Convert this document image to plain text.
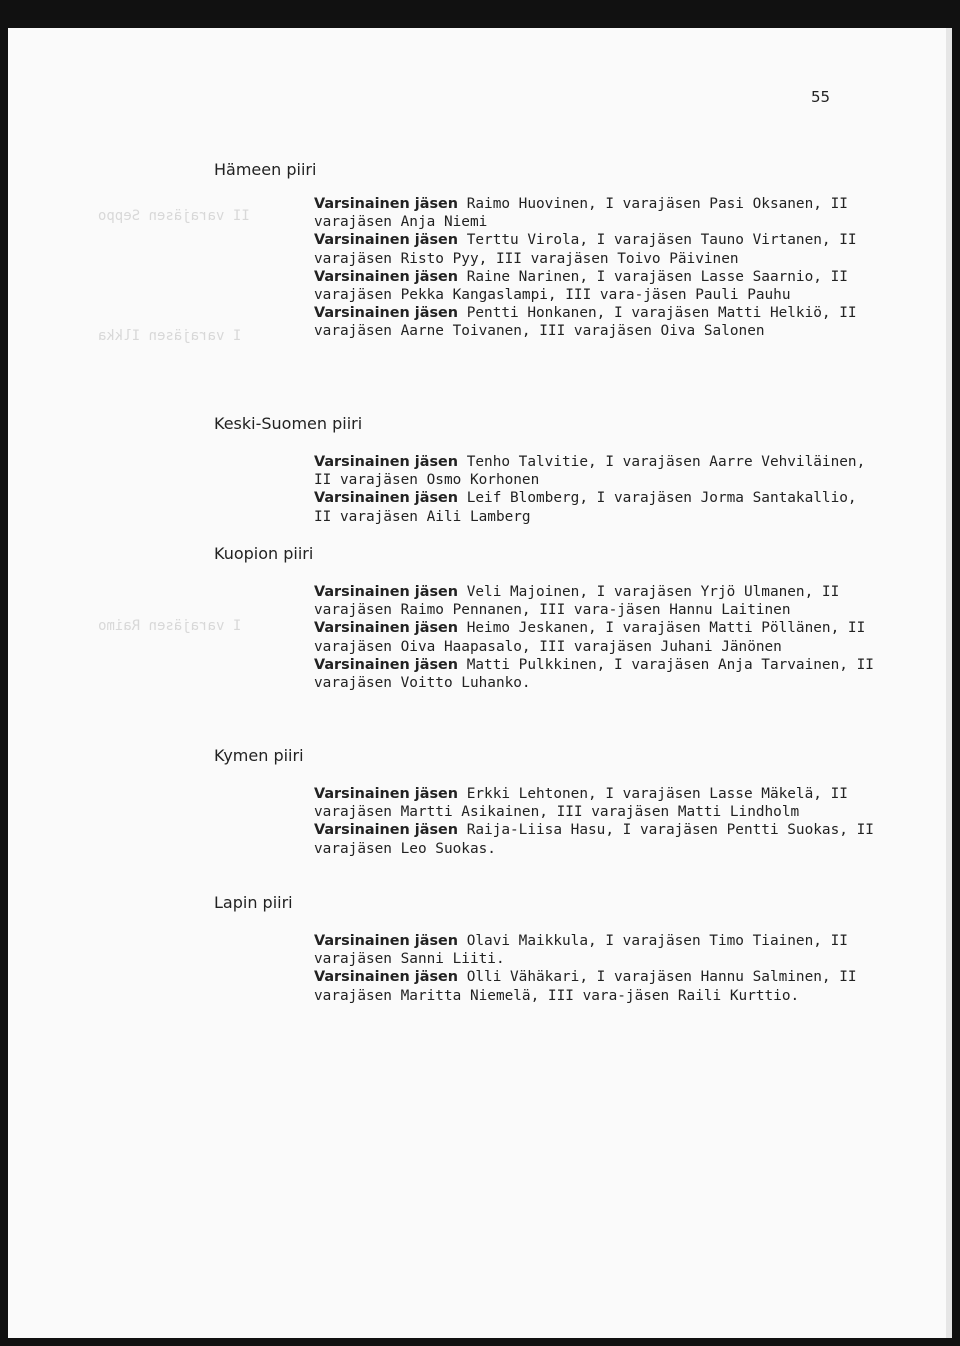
II varajäsen Seppo
I varajäsen Ilkka
I varajäsen Raimo
55
Hämeen piiri

Varsinainen jäsen Raimo Huovinen, I varajäsen Pasi Oksanen, II varajäsen Anja Niemi

Varsinainen jäsen Terttu Virola, I varajäsen Tauno Virtanen, II varajäsen Risto Pyy, III varajäsen Toivo Päivinen

Varsinainen jäsen Raine Narinen, I varajäsen Lasse Saarnio, II varajäsen Pekka Kangaslampi, III vara-jäsen Pauli Pauhu

Varsinainen jäsen Pentti Honkanen, I varajäsen Matti Helkiö, II varajäsen Aarne Toivanen, III varajäsen Oiva Salonen

Keski-Suomen piiri

Varsinainen jäsen Tenho Talvitie, I varajäsen Aarre Vehviläinen, II varajäsen Osmo Korhonen

Varsinainen jäsen Leif Blomberg, I varajäsen Jorma Santakallio, II varajäsen Aili Lamberg

Kuopion piiri

Varsinainen jäsen Veli Majoinen, I varajäsen Yrjö Ulmanen, II varajäsen Raimo Pennanen, III vara-jäsen Hannu Laitinen

Varsinainen jäsen Heimo Jeskanen, I varajäsen Matti Pöllänen, II varajäsen Oiva Haapasalo, III varajäsen Juhani Jänönen

Varsinainen jäsen Matti Pulkkinen, I varajäsen Anja Tarvainen, II varajäsen Voitto Luhanko.

Kymen piiri

Varsinainen jäsen Erkki Lehtonen, I varajäsen Lasse Mäkelä, II varajäsen Martti Asikainen, III varajäsen Matti Lindholm

Varsinainen jäsen Raija-Liisa Hasu, I varajäsen Pentti Suokas, II varajäsen Leo Suokas.

Lapin piiri

Varsinainen jäsen Olavi Maikkula, I varajäsen Timo Tiainen, II varajäsen Sanni Liiti.

Varsinainen jäsen Olli Vähäkari, I varajäsen Hannu Salminen, II varajäsen Maritta Niemelä, III vara-jäsen Raili Kurttio.
